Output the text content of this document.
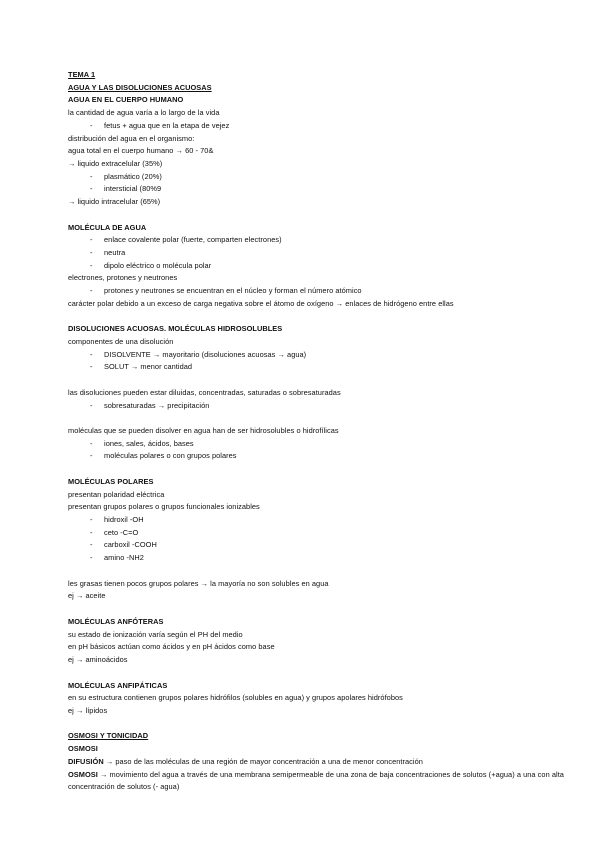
TEMA 1
AGUA Y LAS DISOLUCIONES ACUOSAS
AGUA EN EL CUERPO HUMANO
la cantidad de agua varía a lo largo de la vida
- fetus + agua que en la etapa de vejez
distribución del agua en el organismo:
agua total en el cuerpo humano → 60 - 70&
→ liquido extracelular (35%)
- plasmático (20%)
- intersticial (80%9
→ liquido intracelular (65%)
MOLÉCULA DE AGUA
- enlace covalente polar (fuerte, comparten electrones)
- neutra
- dipolo eléctrico o molécula polar
electrones, protones y neutrones
- protones y neutrones se encuentran en el núcleo y forman el número atómico
carácter polar debido a un exceso de carga negativa sobre el átomo de oxígeno → enlaces de hidrógeno entre ellas
DISOLUCIONES ACUOSAS. MOLÉCULAS HIDROSOLUBLES
componentes de una disolución
- DISOLVENTE → mayoritario (disoluciones acuosas → agua)
- SOLUT → menor cantidad
las disoluciones pueden estar diluidas, concentradas, saturadas o sobresaturadas
- sobresaturadas → precipitación
moléculas que se pueden disolver en agua han de ser hidrosolubles o hidrofílicas
- iones, sales, ácidos, bases
- moléculas polares o con grupos polares
MOLÉCULAS POLARES
presentan polaridad eléctrica
presentan grupos polares o grupos funcionales ionizables
- hidroxil -OH
- ceto -C=O
- carboxil -COOH
- amino -NH2
les grasas tienen pocos grupos polares → la mayoría no son solubles en agua
ej → aceite
MOLÉCULAS ANFÓTERAS
su estado de ionización varía según el PH del medio
en pH básicos actúan como ácidos y en pH ácidos como base
ej → aminoácidos
MOLÉCULAS ANFIPÁTICAS
en su estructura contienen grupos polares hidrófilos (solubles en agua) y grupos apolares hidrófobos
ej → lípidos
OSMOSI Y TONICIDAD
OSMOSI
DIFUSIÓN → paso de las moléculas de una región de mayor concentración a una de menor concentración
OSMOSI → movimiento del agua a través de una membrana semipermeable de una zona de baja concentraciones de solutos (+agua) a una con alta concentración de solutos (- agua)
